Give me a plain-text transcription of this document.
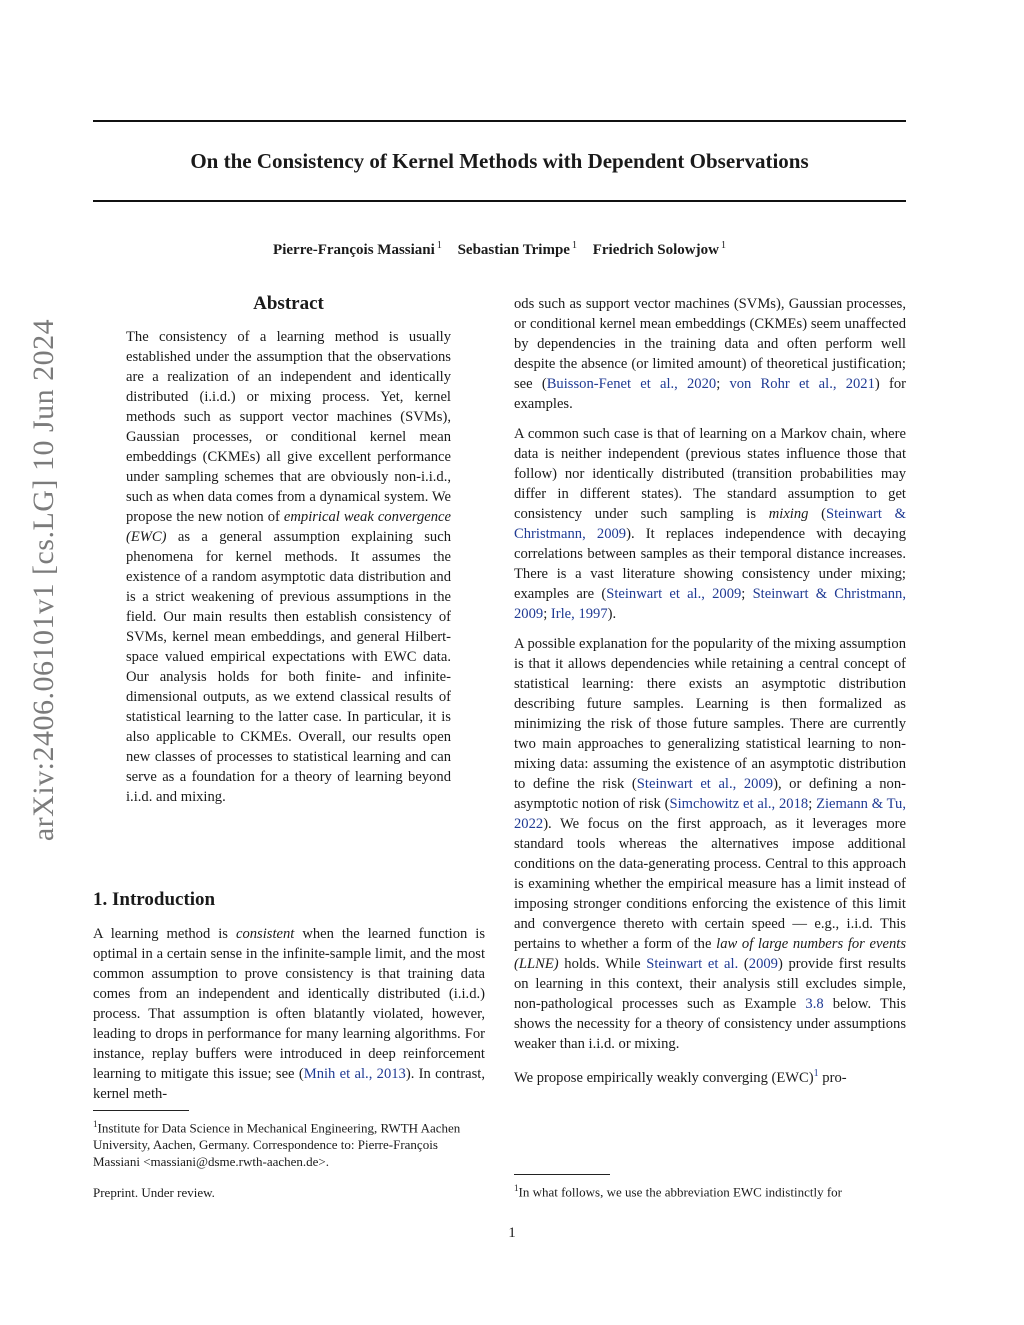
arXiv:2406.06101v1 [cs.LG] 10 Jun 2024
On the Consistency of Kernel Methods with Dependent Observations
Pierre-François Massiani $^1$ Sebastian Trimpe $^1$ Friedrich Solowjow $^1$
Abstract

The consistency of a learning method is usually established under the assumption that the observations are a realization of an independent and identically distributed (i.i.d.) or mixing process. Yet, kernel methods such as support vector machines (SVMs), Gaussian processes, or conditional kernel mean embeddings (CKMEs) all give excellent performance under sampling schemes that are obviously non-i.i.d., such as when data comes from a dynamical system. We propose the new notion of empirical weak convergence (EWC) as a general assumption explaining such phenomena for kernel methods. It assumes the existence of a random asymptotic data distribution and is a strict weakening of previous assumptions in the field. Our main results then establish consistency of SVMs, kernel mean embeddings, and general Hilbert-space valued empirical expectations with EWC data. Our analysis holds for both finite- and infinite-dimensional outputs, as we extend classical results of statistical learning to the latter case. In particular, it is also applicable to CKMEs. Overall, our results open new classes of processes to statistical learning and can serve as a foundation for a theory of learning beyond i.i.d. and mixing.

1. Introduction

A learning method is consistent when the learned function is optimal in a certain sense in the infinite-sample limit, and the most common assumption to prove consistency is that training data comes from an independent and identically distributed (i.i.d.) process. That assumption is often blatantly violated, however, leading to drops in performance for many learning algorithms. For instance, replay buffers were introduced in deep reinforcement learning to mitigate this issue; see (Mnih et al., 2013). In contrast, kernel meth-

$^1$Institute for Data Science in Mechanical Engineering, RWTH Aachen University, Aachen, Germany. Correspondence to: Pierre-François Massiani <massiani@dsme.rwth-aachen.de>.

Preprint. Under review.

ods such as support vector machines (SVMs), Gaussian processes, or conditional kernel mean embeddings (CKMEs) seem unaffected by dependencies in the training data and often perform well despite the absence (or limited amount) of theoretical justification; see (Buisson-Fenet et al., 2020; von Rohr et al., 2021) for examples.

A common such case is that of learning on a Markov chain, where data is neither independent (previous states influence those that follow) nor identically distributed (transition probabilities may differ in different states). The standard assumption to get consistency under such sampling is mixing (Steinwart & Christmann, 2009). It replaces independence with decaying correlations between samples as their temporal distance increases. There is a vast literature showing consistency under mixing; examples are (Steinwart et al., 2009; Steinwart & Christmann, 2009; Irle, 1997).

A possible explanation for the popularity of the mixing assumption is that it allows dependencies while retaining a central concept of statistical learning: there exists an asymptotic distribution describing future samples. Learning is then formalized as minimizing the risk of those future samples. There are currently two main approaches to generalizing statistical learning to non-mixing data: assuming the existence of an asymptotic distribution to define the risk (Steinwart et al., 2009), or defining a non-asymptotic notion of risk (Simchowitz et al., 2018; Ziemann & Tu, 2022). We focus on the first approach, as it leverages more standard tools whereas the alternatives impose additional conditions on the data-generating process. Central to this approach is examining whether the empirical measure has a limit instead of imposing stronger conditions enforcing the existence of this limit and convergence thereto with certain speed — e.g., i.i.d. This pertains to whether a form of the law of large numbers for events (LLNE) holds. While Steinwart et al. (2009) provide first results on learning in this context, their analysis still excludes simple, non-pathological processes such as Example 3.8 below. This shows the necessity for a theory of consistency under assumptions weaker than i.i.d. or mixing.

We propose empirically weakly converging (EWC)$^1$ pro-

$^1$In what follows, we use the abbreviation EWC indistinctly for

1
